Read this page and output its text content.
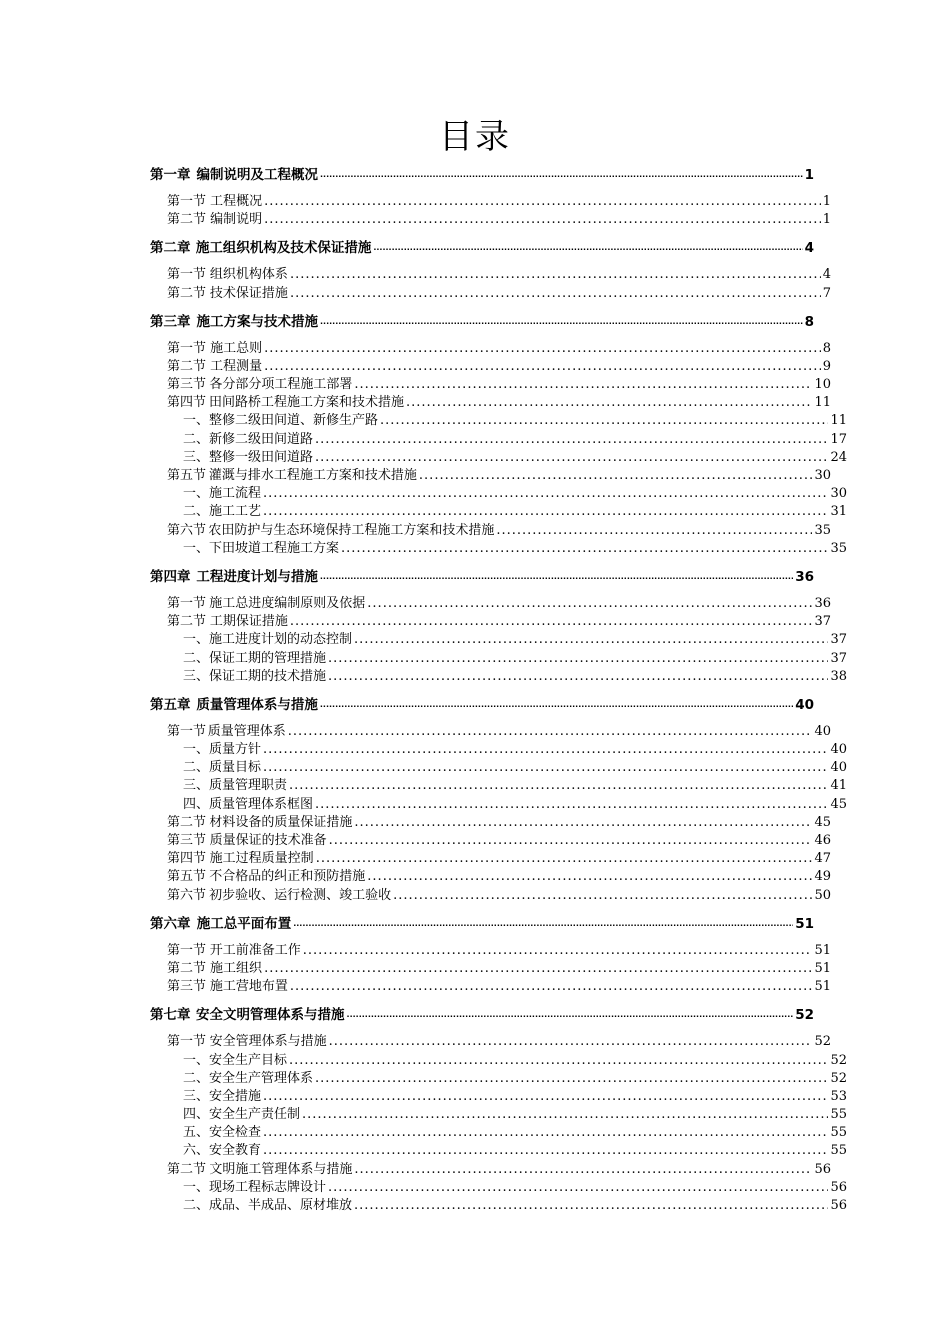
目录
第一章 编制说明及工程概况 .....	1
第一节 工程概况 .....	1
第二节 编制说明 .....	1
第二章 施工组织机构及技术保证措施 .....	4
第一节 组织机构体系 .....	4
第二节 技术保证措施 .....	7
第三章 施工方案与技术措施 .....	8
第一节 施工总则 .....	8
第二节 工程测量 .....	9
第三节 各分部分项工程施工部署 .....	10
第四节 田间路桥工程施工方案和技术措施 .....	11
一、整修二级田间道、新修生产路 .....	11
二、新修二级田间道路 .....	17
三、整修一级田间道路 .....	24
第五节 灌溉与排水工程施工方案和技术措施 .....	30
一、施工流程 .....	30
二、施工工艺 .....	31
第六节 农田防护与生态环境保持工程施工方案和技术措施 .....	35
一、下田坡道工程施工方案 .....	35
第四章 工程进度计划与措施 .....	36
第一节 施工总进度编制原则及依据 .....	36
第二节 工期保证措施 .....	37
一、施工进度计划的动态控制 .....	37
二、保证工期的管理措施 .....	37
三、保证工期的技术措施 .....	38
第五章 质量管理体系与措施 .....	40
第一节 质量管理体系 .....	40
一、质量方针 .....	40
二、质量目标 .....	40
三、质量管理职责 .....	41
四、质量管理体系框图 .....	45
第二节 材料设备的质量保证措施 .....	45
第三节 质量保证的技术准备 .....	46
第四节 施工过程质量控制 .....	47
第五节 不合格品的纠正和预防措施 .....	49
第六节 初步验收、运行检测、竣工验收 .....	50
第六章 施工总平面布置 .....	51
第一节 开工前准备工作 .....	51
第二节 施工组织 .....	51
第三节 施工营地布置 .....	51
第七章 安全文明管理体系与措施 .....	52
第一节 安全管理体系与措施 .....	52
一、安全生产目标 .....	52
二、安全生产管理体系 .....	52
三、安全措施 .....	53
四、安全生产责任制 .....	55
五、安全检查 .....	55
六、安全教育 .....	55
第二节 文明施工管理体系与措施 .....	56
一、现场工程标志牌设计 .....	56
二、成品、半成品、原材堆放 .....	56
